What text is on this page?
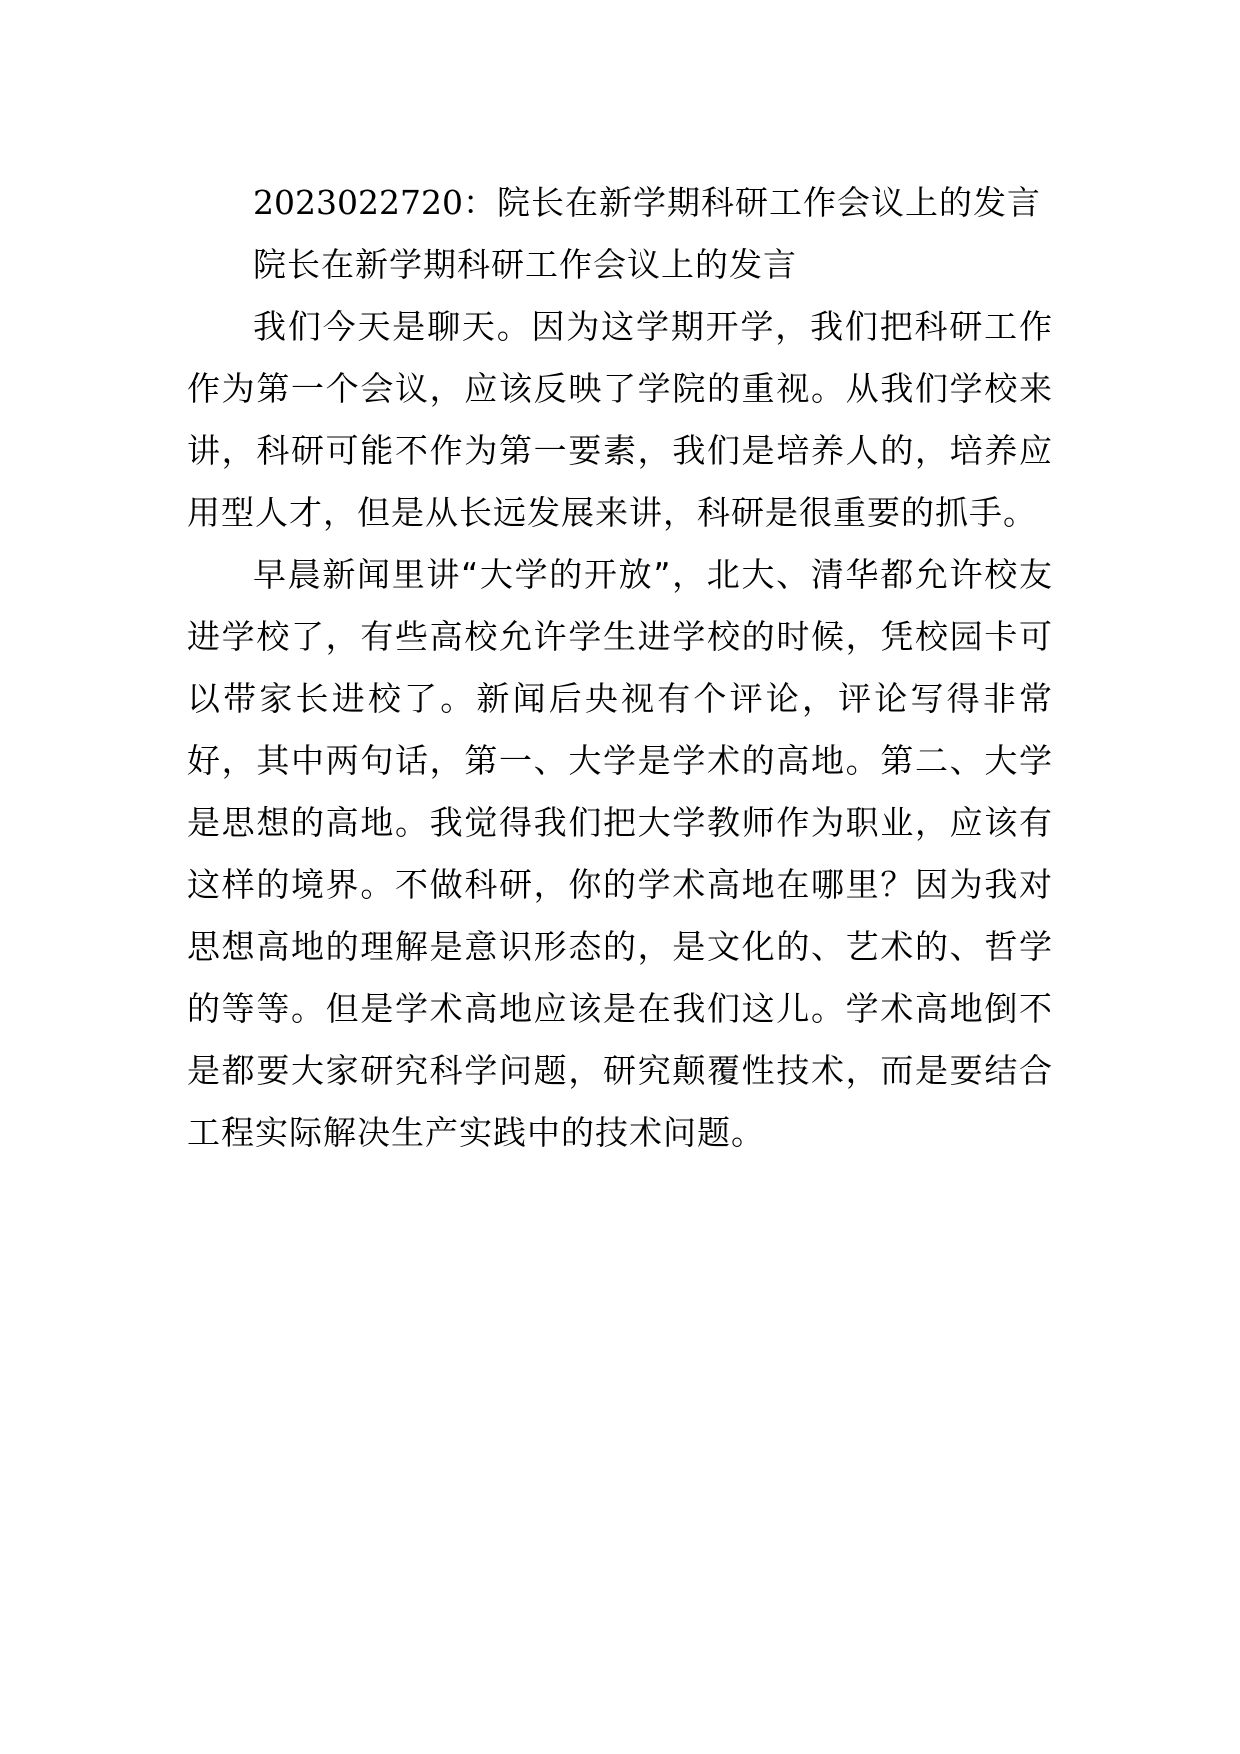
2023022720：院长在新学期科研工作会议上的发言

院长在新学期科研工作会议上的发言

我们今天是聊天。因为这学期开学，我们把科研工作作为第一个会议，应该反映了学院的重视。从我们学校来讲，科研可能不作为第一要素，我们是培养人的，培养应用型人才，但是从长远发展来讲，科研是很重要的抓手。

早晨新闻里讲“大学的开放”，北大、清华都允许校友进学校了，有些高校允许学生进学校的时候，凭校园卡可以带家长进校了。新闻后央视有个评论，评论写得非常好，其中两句话，第一、大学是学术的高地。第二、大学是思想的高地。我觉得我们把大学教师作为职业，应该有这样的境界。不做科研，你的学术高地在哪里？因为我对思想高地的理解是意识形态的，是文化的、艺术的、哲学的等等。但是学术高地应该是在我们这儿。学术高地倒不是都要大家研究科学问题，研究颠覆性技术，而是要结合工程实际解决生产实践中的技术问题。
